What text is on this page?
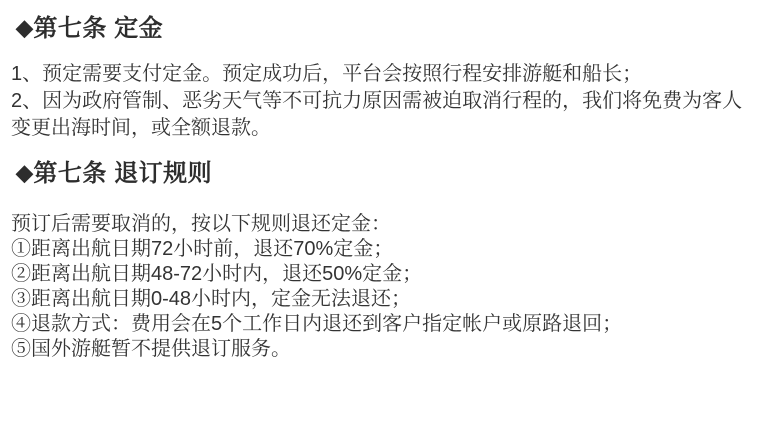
◆第七条 定金
1、预定需要支付定金。预定成功后，平台会按照行程安排游艇和船长；
2、因为政府管制、恶劣天气等不可抗力原因需被迫取消行程的，我们将免费为客人
变更出海时间，或全额退款。
◆第七条 退订规则
预订后需要取消的，按以下规则退还定金：
①距离出航日期72小时前，退还70%定金；
②距离出航日期48-72小时内，退还50%定金；
③距离出航日期0-48小时内，定金无法退还；
④退款方式：费用会在5个工作日内退还到客户指定帐户或原路退回；
⑤国外游艇暂不提供退订服务。
